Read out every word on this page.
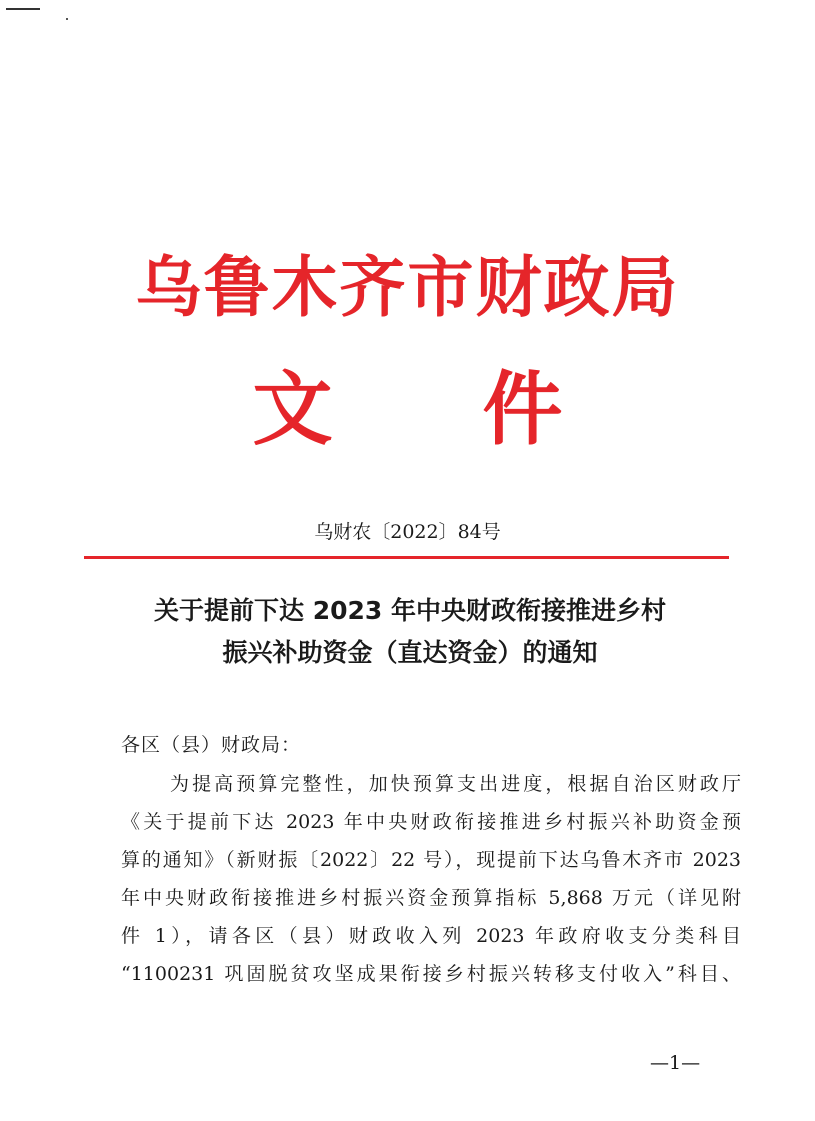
乌鲁木齐市财政局
文 件
乌财农〔2022〕84号
关于提前下达 2023 年中央财政衔接推进乡村
振兴补助资金（直达资金）的通知
各区（县）财政局：
为提高预算完整性，加快预算支出进度，根据自治区财政厅
《关于提前下达 2023 年中央财政衔接推进乡村振兴补助资金预
算的通知》（新财振〔2022〕22 号），现提前下达乌鲁木齐市 2023
年中央财政衔接推进乡村振兴资金预算指标 5,868 万元（详见附
件 1），请各区（县）财政收入列 2023 年政府收支分类科目
“1100231 巩固脱贫攻坚成果衔接乡村振兴转移支付收入”科目、
—1—
